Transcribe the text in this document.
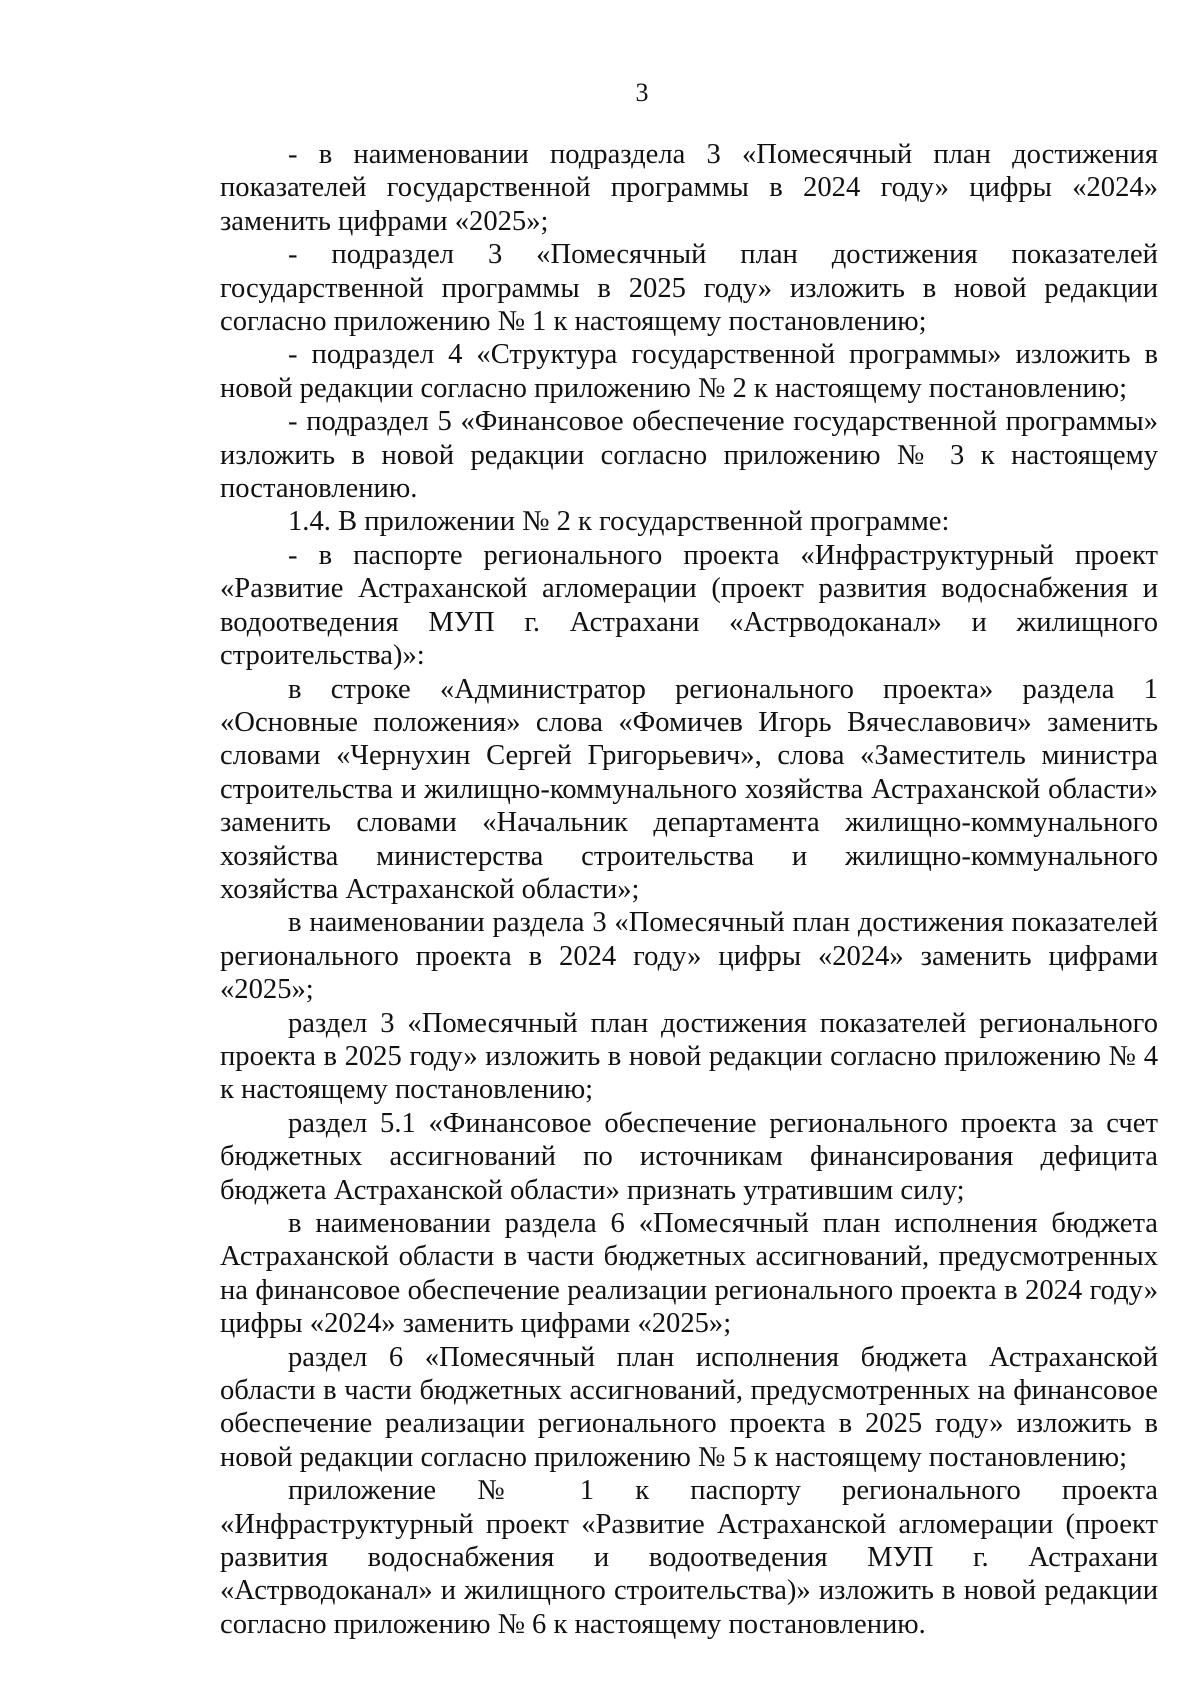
3

- в наименовании подраздела 3 «Помесячный план достижения показателей государственной программы в 2024 году» цифры «2024» заменить цифрами «2025»;

- подраздел 3 «Помесячный план достижения показателей государственной программы в 2025 году» изложить в новой редакции согласно приложению № 1 к настоящему постановлению;

- подраздел 4 «Структура государственной программы» изложить в новой редакции согласно приложению № 2 к настоящему постановлению;

- подраздел 5 «Финансовое обеспечение государственной программы» изложить в новой редакции согласно приложению № 3 к настоящему постановлению.

1.4. В приложении № 2 к государственной программе:

- в паспорте регионального проекта «Инфраструктурный проект «Развитие Астраханской агломерации (проект развития водоснабжения и водоотведения МУП г. Астрахани «Астрводоканал» и жилищного строительства)»:

в строке «Администратор регионального проекта» раздела 1 «Основные положения» слова «Фомичев Игорь Вячеславович» заменить словами «Чернухин Сергей Григорьевич», слова «Заместитель министра строительства и жилищно-коммунального хозяйства Астраханской области» заменить словами «Начальник департамента жилищно-коммунального хозяйства министерства строительства и жилищно-коммунального хозяйства Астраханской области»;

в наименовании раздела 3 «Помесячный план достижения показателей регионального проекта в 2024 году» цифры «2024» заменить цифрами «2025»;

раздел 3 «Помесячный план достижения показателей регионального проекта в 2025 году» изложить в новой редакции согласно приложению № 4 к настоящему постановлению;

раздел 5.1 «Финансовое обеспечение регионального проекта за счет бюджетных ассигнований по источникам финансирования дефицита бюджета Астраханской области» признать утратившим силу;

в наименовании раздела 6 «Помесячный план исполнения бюджета Астраханской области в части бюджетных ассигнований, предусмотренных на финансовое обеспечение реализации регионального проекта в 2024 году» цифры «2024» заменить цифрами «2025»;

раздел 6 «Помесячный план исполнения бюджета Астраханской области в части бюджетных ассигнований, предусмотренных на финансовое обеспечение реализации регионального проекта в 2025 году» изложить в новой редакции согласно приложению № 5 к настоящему постановлению;

приложение № 1 к паспорту регионального проекта «Инфраструктурный проект «Развитие Астраханской агломерации (проект развития водоснабжения и водоотведения МУП г. Астрахани «Астрводоканал» и жилищного строительства)» изложить в новой редакции согласно приложению № 6 к настоящему постановлению.
